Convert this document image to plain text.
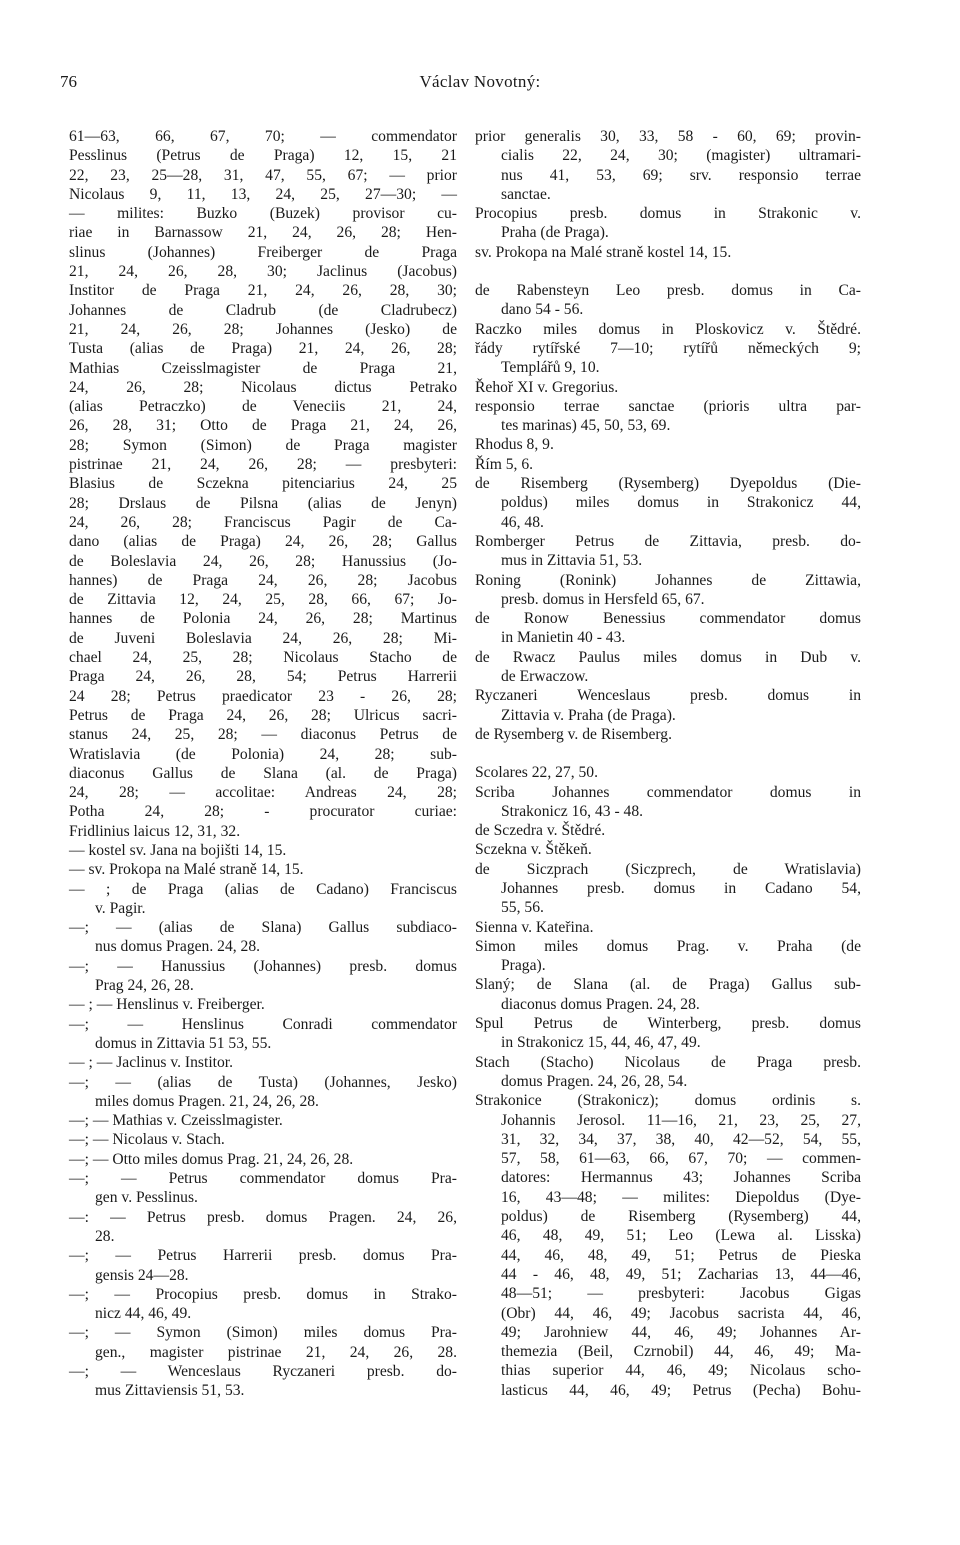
76	Václav Novotný:
61—63, 66, 67, 70; — commendator
Pesslinus (Petrus de Praga) 12, 15, 21
22, 23, 25—28, 31, 47, 55, 67; — prior
Nicolaus 9, 11, 13, 24, 25, 27—30; —
— milites: Buzko (Buzek) provisor cu-
riae in Barnassow 21, 24, 26, 28; Hen-
slinus (Johannes) Freiberger de Praga
21, 24, 26, 28, 30; Jaclinus (Jacobus)
Institor de Praga 21, 24, 26, 28, 30;
Johannes de Cladrub (de Cladrubecz)
21, 24, 26, 28; Johannes (Jesko) de
Tusta (alias de Praga) 21, 24, 26, 28;
Mathias Czeisslmagister de Praga 21,
24, 26, 28; Nicolaus dictus Petrako
(alias Petraczko) de Veneciis 21, 24,
26, 28, 31; Otto de Praga 21, 24, 26,
28; Symon (Simon) de Praga magister
pistrinae 21, 24, 26, 28; — presbyteri:
Blasius de Sczekna pitenciarius 24, 25
28; Drslaus de Pilsna (alias de Jenyn)
24, 26, 28; Franciscus Pagir de Ca-
dano (alias de Praga) 24, 26, 28; Gallus
de Boleslavia 24, 26, 28; Hanussius (Jo-
hannes) de Praga 24, 26, 28; Jacobus
de Zittavia 12, 24, 25, 28, 66, 67; Jo-
hannes de Polonia 24, 26, 28; Martinus
de Juveni Boleslavia 24, 26, 28; Mi-
chael 24, 25, 28; Nicolaus Stacho de
Praga 24, 26, 28, 54; Petrus Harrerii
24 28; Petrus praedicator 23 - 26, 28;
Petrus de Praga 24, 26, 28; Ulricus sacri-
stanus 24, 25, 28; — diaconus Petrus de
Wratislavia (de Polonia) 24, 28; sub-
diaconus Gallus de Slana (al. de Praga)
24, 28; — accolitae: Andreas 24, 28;
Potha 24, 28; - procurator curiae:
Fridlinius laicus 12, 31, 32.
— kostel sv. Jana na bojišti 14, 15.
— sv. Prokopa na Malé straně 14, 15.
— ; de Praga (alias de Cadano) Franciscus
v. Pagir.
—; — (alias de Slana) Gallus subdiaco-
nus domus Pragen. 24, 28.
—; — Hanussius (Johannes) presb. domus
Prag 24, 26, 28.
— ; — Henslinus v. Freiberger.
—; — Henslinus Conradi commendator
domus in Zittavia 51 53, 55.
— ; — Jaclinus v. Institor.
—; — (alias de Tusta) (Johannes, Jesko)
miles domus Pragen. 21, 24, 26, 28.
—; — Mathias v. Czeisslmagister.
—; — Nicolaus v. Stach.
—; — Otto miles domus Prag. 21, 24, 26, 28.
—; — Petrus commendator domus Pra-
gen v. Pesslinus.
—: — Petrus presb. domus Pragen. 24, 26,
28.
—; — Petrus Harrerii presb. domus Pra-
gensis 24—28.
—; — Procopius presb. domus in Strako-
nicz 44, 46, 49.
—; — Symon (Simon) miles domus Pra-
gen., magister pistrinae 21, 24, 26, 28.
—; — Wenceslaus Ryczaneri presb. do-
mus Zittaviensis 51, 53.
prior generalis 30, 33, 58 - 60, 69; provin-
cialis 22, 24, 30; (magister) ultramari-
nus 41, 53, 69; srv. responsio terrae
sanctae.
Procopius presb. domus in Strakonic v.
Praha (de Praga).
sv. Prokopa na Malé straně kostel 14, 15.
de Rabensteyn Leo presb. domus in Ca-
dano 54 - 56.
Raczko miles domus in Ploskovicz v. Štědré.
řády rytířské 7—10; rytířů německých 9;
Templářů 9, 10.
Řehoř XI v. Gregorius.
responsio terrae sanctae (prioris ultra par-
tes marinas) 45, 50, 53, 69.
Rhodus 8, 9.
Řím 5, 6.
de Risemberg (Rysemberg) Dyepoldus (Die-
poldus) miles domus in Strakonicz 44,
46, 48.
Romberger Petrus de Zittavia, presb. do-
mus in Zittavia 51, 53.
Roning (Ronink) Johannes de Zittawia,
presb. domus in Hersfeld 65, 67.
de Ronow Benessius commendator domus
in Manietin 40 - 43.
de Rwacz Paulus miles domus in Dub v.
de Erwaczow.
Ryczaneri Wenceslaus presb. domus in
Zittavia v. Praha (de Praga).
de Rysemberg v. de Risemberg.
Scolares 22, 27, 50.
Scriba Johannes commendator domus in
Strakonicz 16, 43 - 48.
de Sczedra v. Štědré.
Sczekna v. Štěkeň.
de Siczprach (Siczprech, de Wratislavia)
Johannes presb. domus in Cadano 54,
55, 56.
Sienna v. Kateřina.
Simon miles domus Prag. v. Praha (de
Praga).
Slaný; de Slana (al. de Praga) Gallus sub-
diaconus domus Pragen. 24, 28.
Spul Petrus de Winterberg, presb. domus
in Strakonicz 15, 44, 46, 47, 49.
Stach (Stacho) Nicolaus de Praga presb.
domus Pragen. 24, 26, 28, 54.
Strakonice (Strakonicz); domus ordinis s.
Johannis Jerosol. 11—16, 21, 23, 25, 27,
31, 32, 34, 37, 38, 40, 42—52, 54, 55,
57, 58, 61—63, 66, 67, 70; — commen-
datores: Hermannus 43; Johannes Scriba
16, 43—48; — milites: Diepoldus (Dye-
poldus) de Risemberg (Rysemberg) 44,
46, 48, 49, 51; Leo (Lewa al. Lisska)
44, 46, 48, 49, 51; Petrus de Pieska
44 - 46, 48, 49, 51; Zacharias 13, 44—46,
48—51; — presbyteri: Jacobus Gigas
(Obr) 44, 46, 49; Jacobus sacrista 44, 46,
49; Jarohniew 44, 46, 49; Johannes Ar-
themezia (Beil, Czrnobil) 44, 46, 49; Ma-
thias superior 44, 46, 49; Nicolaus scho-
lasticus 44, 46, 49; Petrus (Pecha) Bohu-
